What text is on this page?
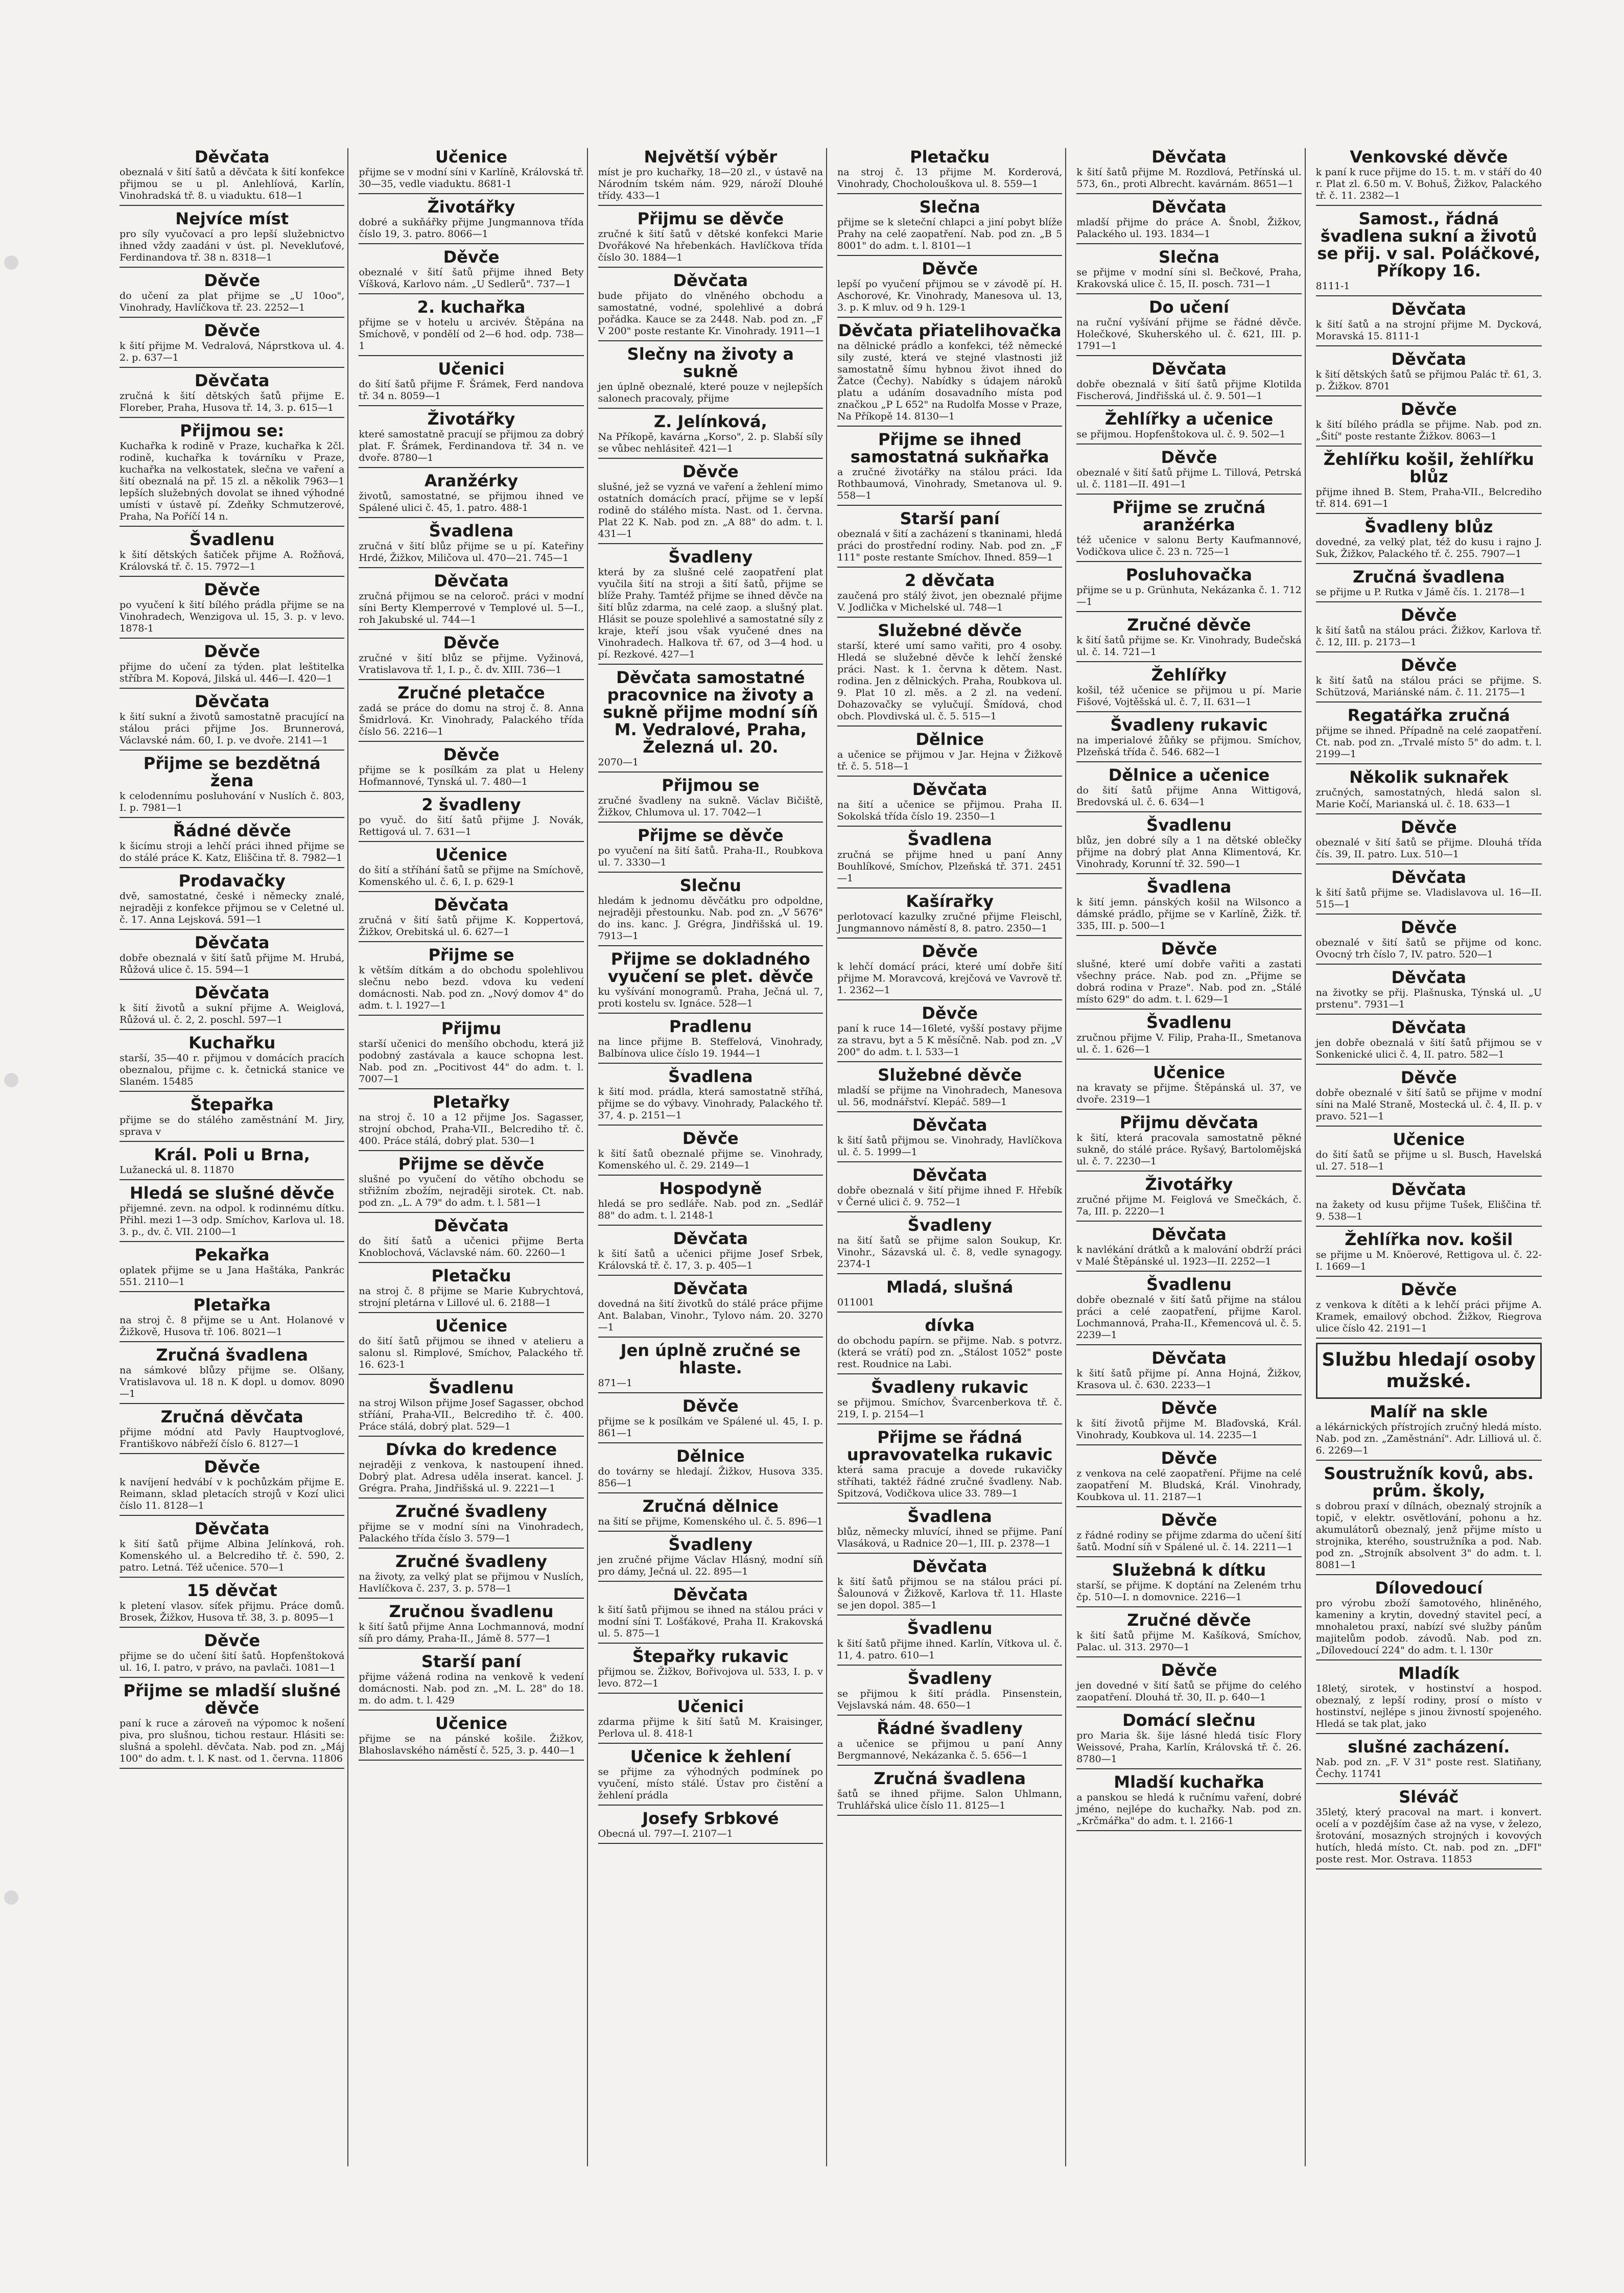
Děvčata
obeznalá v šití šatů a děvčata k šití konfekce přijmou se u pl. Anlehlíová, Karlín, Vinohradská tř. 8. u viaduktu. 618—1
Nejvíce míst
pro síly vyučovací a pro lepší služebnictvo ihned vždy zaadáni v úst. pl. Nevekluťové, Ferdinandova tř. 38 n. 8318—1
Děvče
do učení za plat přijme se „U 10oo", Vinohrady, Havlíčkova tř. 23. 2252—1
Děvče
k šití přijme M. Vedralová, Náprstkova ul. 4. 2. p. 637—1
Děvčata
zručná k šití dětských šatů přijme E. Floreber, Praha, Husova tř. 14, 3. p. 615—1
Přijmou se:
Kuchařka k rodině v Praze, kuchařka k 2čl. rodině, kuchařka k továrníku v Praze, kuchařka na velkostatek, slečna ve vaření a šití obeznalá na př. 15 zl. a několik 7963—1 lepších služebných dovolat se ihned výhodné umísti v ústavě pí. Zdeňky Schmutzerové, Praha, Na Poříčí 14 n.
Švadlenu
k šití dětských šatiček přijme A. Rožňová, Královská tř. č. 15. 7972—1
Děvče
po vyučení k šití bílého prádla přijme se na Vinohradech, Wenzigova ul. 15, 3. p. v levo. 1878-1
Děvče
přijme do učení za týden. plat leštitelka stříbra M. Kopová, Jilská ul. 446—I. 420—1
Děvčata
k šití sukní a životů samostatně pracující na stálou práci přijme Jos. Brunnerová, Václavské nám. 60, I. p. ve dvoře. 2141—1
Přijme se bezdětná žena
k celodennímu posluhování v Nuslích č. 803, I. p. 7981—1
Řádné děvče
k šicímu stroji a lehčí práci ihned přijme se do stálé práce K. Katz, Eliščina tř. 8. 7982—1
Prodavačky
dvě, samostatné, české i německy znalé, nejraději z konfekce přijmou se v Celetné ul. č. 17. Anna Lejsková. 591—1
Děvčata
dobře obeznalá v šití šatů přijme M. Hrubá, Růžová ulice č. 15. 594—1
Děvčata
k šití životů a sukní přijme A. Weiglová, Růžová ul. č. 2, 2. poschl. 597—1
Kuchařku
starší, 35—40 r. přijmou v domácích pracích obeznalou, přijme c. k. četnická stanice ve Slaném. 15485
Štepařka
přijme se do stálého zaměstnání M. Jiry, sprava v
Král. Poli u Brna,
Lužanecká ul. 8. 11870
Hledá se slušné děvče
přijemné. zevn. na odpol. k rodinnému dítku. Přihl. mezi 1—3 odp. Smíchov, Karlova ul. 18. 3. p., dv. č. VII. 2100—1
Pekařka
oplatek přijme se u Jana Haštáka, Pankrác 551. 2110—1
Pletařka
na stroj č. 8 přijme se u Ant. Holanové v Žižkově, Husova tř. 106. 8021—1
Zručná švadlena
na sámkové blůzy přijme se. Olšany, Vratislavova ul. 18 n. K dopl. u domov. 8090—1
Zručná děvčata
přijme módní atd Pavly Hauptvoglové, Františkovo nábřeží číslo 6. 8127—1
Děvče
k navíjení hedvábí v k pochůzkám přijme E. Reimann, sklad pletacích strojů v Kozí ulici číslo 11. 8128—1
Děvčata
k šití šatů přijme Albina Jelínková, roh. Komenského ul. a Belcrediho tř. č. 590, 2. patro. Letná. Též učenice. 570—1
15 děvčat
k pletení vlasov. síťek přijmu. Práce domů. Brosek, Žižkov, Husova tř. 38, 3. p. 8095—1
Děvče
přijme se do učení šití šatů. Hopfenštoková ul. 16, I. patro, v právo, na pavlači. 1081—1
Přijme se mladší slušné děvče
paní k ruce a zároveň na výpomoc k nošení piva, pro slušnou, tichou restaur. Hlásiti se: slušná a spolehl. děvčata. Nab. pod zn. „Máj 100" do adm. t. l. K nast. od 1. června. 11806
Učenice
přijme se v modní síni v Karlíně, Královská tř. 30—35, vedle viaduktu. 8681-1
Životářky
dobré a sukňářky přijme Jungmannova třída číslo 19, 3. patro. 8066—1
Děvče
obeznalé v šití šatů přijme ihned Bety Víšková, Karlovo nám. „U Sedlerů". 737—1
2. kuchařka
přijme se v hotelu u arcivév. Štěpána na Smíchově, v pondělí od 2—6 hod. odp. 738—1
Učenici
do šití šatů přijme F. Šrámek, Ferd nandova tř. 34 n. 8059—1
Životářky
které samostatně pracují se přijmou za dobrý plat. F. Šrámek, Ferdinandova tř. 34 n. ve dvoře. 8780—1
Aranžérky
životů, samostatné, se přijmou ihned ve Spálené ulici č. 45, 1. patro. 488-1
Švadlena
zručná v šití blůz přijme se u pí. Kateřiny Hrdé, Žižkov, Miličova ul. 470—21. 745—1
Děvčata
zručná přijmou se na celoroč. práci v modní síni Berty Klemperrové v Templové ul. 5—I., roh Jakubské ul. 744—1
Děvče
zručné v šití blůz se přijme. Vyžinová, Vratislavova tř. 1, I. p., č. dv. XIII. 736—1
Zručné pletačce
zadá se práce do domu na stroj č. 8. Anna Šmidrlová. Kr. Vinohrady, Palackého třída číslo 56. 2216—1
Děvče
přijme se k posílkám za plat u Heleny Hofmannové, Tynská ul. 7. 480—1
2 švadleny
po vyuč. do šití šatů přijme J. Novák, Rettigová ul. 7. 631—1
Učenice
do šití a stříhání šatů se přijme na Smíchově, Komenského ul. č. 6, I. p. 629-1
Děvčata
zručná v šití šatů přijme K. Koppertová, Žižkov, Orebitská ul. 6. 627—1
Přijme se
k větším dítkám a do obchodu spolehlivou slečnu nebo bezd. vdova ku vedení domácnosti. Nab. pod zn. „Nový domov 4" do adm. t. l. 1927—1
Přijmu
starší učenici do menšího obchodu, která již podobný zastávala a kauce schopna lest. Nab. pod zn. „Pocitivost 44" do adm. t. l. 7007—1
Pletařky
na stroj č. 10 a 12 přijme Jos. Sagasser, strojní obchod, Praha-VII., Belcrediho tř. č. 400. Práce stálá, dobrý plat. 530—1
Přijme se děvče
slušné po vyučení do větího obchodu se střižním zbožím, nejraději sirotek. Ct. nab. pod zn. „L. A 79" do adm. t. l. 581—1
Děvčata
do šití šatů a učenici přijme Berta Knoblochová, Václavské nám. 60. 2260—1
Pletačku
na stroj č. 8 přijme se Marie Kubrychtová, strojní pletárna v Lillové ul. 6. 2188—1
Učenice
do šití šatů přijmou se ihned v atelieru a salonu sl. Rimplové, Smíchov, Palackého tř. 16. 623-1
Švadlenu
na stroj Wilson přijme Josef Sagasser, obchod stříání, Praha-VII., Belcrediho tř. č. 400. Práce stálá, dobrý plat. 529—1
Dívka do kredence
nejraději z venkova, k nastoupení ihned. Dobrý plat. Adresa uděla inserat. kancel. J. Grégra. Praha, Jindřišská ul. 9. 2221—1
Zručné švadleny
přijme se v modní síni na Vinohradech, Palackého třída číslo 3. 579—1
Zručné švadleny
na životy, za velký plat se přijmou v Nuslích, Havlíčkova č. 237, 3. p. 578—1
Zručnou švadlenu
k šití šatů přijme Anna Lochmannová, modní síň pro dámy, Praha-II., Jámě 8. 577—1
Starší paní
přijme vážená rodina na venkově k vedení domácnosti. Nab. pod zn. „M. L. 28" do 18. m. do adm. t. l. 429
Učenice
přijme se na pánské košile. Žižkov, Blahoslavského náměstí č. 525, 3. p. 440—1
Největší výběr
míst je pro kuchařky, 18—20 zl., v ústavě na Národním tském nám. 929, nároží Dlouhé třídy. 433—1
Přijmu se děvče
zručné k šití šatů v dětské konfekci Marie Dvořákové Na hřebenkách. Havlíčkova třída číslo 30. 1884—1
Děvčata
bude přijato do vlněného obchodu a samostatné, vodné, spolehlivé a dobrá pořádka. Kauce se za 2448. Nab. pod zn. „F V 200" poste restante Kr. Vinohrady. 1911—1
Slečny na životy a sukně
jen úplně obeznalé, které pouze v nejlepších salonech pracovaly, přijme
Z. Jelínková,
Na Příkopě, kavárna „Korso", 2. p. Slabší síly se vůbec nehlásiteř. 421—1
Děvče
slušné, jež se vyzná ve vaření a žehlení mimo ostatních domácích prací, přijme se v lepší rodině do stálého místa. Nast. od 1. června. Plat 22 K. Nab. pod zn. „A 88" do adm. t. l. 431—1
Švadleny
která by za slušné celé zaopatření plat vyučila šití na stroji a šití šatů, přijme se blíže Prahy. Tamtéž přijme se ihned děvče na šití blůz zdarma, na celé zaop. a slušný plat. Hlásit se pouze spolehlivé a samostatné síly z kraje, kteří jsou však vyučené dnes na Vinohradech. Halkova tř. 67, od 3—4 hod. u pí. Rezkové. 427—1
Děvčata samostatné pracovnice na životy a sukně přijme modní síň M. Vedralové, Praha, Železná ul. 20.
2070—1
Přijmou se
zručné švadleny na sukně. Václav Bičiště, Žižkov, Chlumova ul. 17. 7042—1
Přijme se děvče
po vyučení na šití šatů. Praha-II., Roubkova ul. 7. 3330—1
Slečnu
hledám k jednomu děvčátku pro odpoldne, nejraději přestounku. Nab. pod zn. „V 5676" do ins. kanc. J. Grégra, Jindřišská ul. 19. 7913—1
Přijme se dokladného vyučení se plet. děvče
ku vyšívání monogramů. Praha, Ječná ul. 7, proti kostelu sv. Ignáce. 528—1
Pradlenu
na lince přijme B. Steffelová, Vinohrady, Balbínova ulice číslo 19. 1944—1
Švadlena
k šití mod. prádla, která samostatně stříhá, přijme se do výbavy. Vinohrady, Palackého tř. 37, 4. p. 2151—1
Děvče
k šití šatů obeznalé přijme se. Vinohrady, Komenského ul. č. 29. 2149—1
Hospodyně
hledá se pro sedláře. Nab. pod zn. „Sedlář 88" do adm. t. l. 2148-1
Děvčata
k šití šatů a učenici přijme Josef Srbek, Královská tř. č. 17, 3. p. 405—1
Děvčata
dovedná na šití životků do stálé práce přijme Ant. Balaban, Vinohr., Tylovo nám. 20. 3270—1
Jen úplně zručné se hlaste.
871—1
Děvče
přijme se k posílkám ve Spálené ul. 45, I. p. 861—1
Dělnice
do továrny se hledají. Žižkov, Husova 335. 856—1
Zručná dělnice
na šití se přijme, Komenského ul. č. 5. 896—1
Švadleny
jen zručné přijme Václav Hlásný, modní síň pro dámy, Ječná ul. 22. 895—1
Děvčata
k šití šatů přijmou se ihned na stálou práci v modní síni T. Lošťákové, Praha II. Krakovská ul. 5. 875—1
Štepařky rukavic
přijmou se. Žižkov, Bořivojova ul. 533, I. p. v levo. 872—1
Učenici
zdarma přijme k šití šatů M. Kraisinger, Perlova ul. 8. 418-1
Učenice k žehlení
se přijme za výhodných podmínek po vyučení, místo stálé. Ústav pro čistění a žehlení prádla
Josefy Srbkové
Obecná ul. 797—I. 2107—1
Pletačku
na stroj č. 13 přijme M. Korderová, Vinohrady, Chocholouškova ul. 8. 559—1
Slečna
přijme se k sleteční chlapci a jiní pobyt blíže Prahy na celé zaopatření. Nab. pod zn. „B 5 8001" do adm. t. l. 8101—1
Děvče
lepší po vyučení přijmou se v závodě pí. H. Aschorové, Kr. Vinohrady, Manesova ul. 13, 3. p. K mluv. od 9 h. 129-1
Děvčata přiatelihovačka
na dělnické prádlo a konfekci, též německé sily zusté, která ve stejné vlastnosti již samostatně šímu hybnou život ihned do Žatce (Čechy). Nabídky s údajem nároků platu a udáním dosavadního místa pod značkou „P L 652" na Rudolfa Mosse v Praze, Na Příkopě 14. 8130—1
Přijme se ihned samostatná sukňařka
a zručné životářky na stálou práci. Ida Rothbaumová, Vinohrady, Smetanova ul. 9. 558—1
Starší paní
obeznalá v šití a zacházení s tkaninami, hledá práci do prostřední rodiny. Nab. pod zn. „F 111" poste restante Smíchov. Ihned. 859—1
2 děvčata
zaučená pro stálý život, jen obeznalé přijme V. Jodlička v Michelské ul. 748—1
Služebné děvče
starší, které umí samo vařiti, pro 4 osoby. Hledá se služebné děvče k lehčí ženské práci. Nast. k 1. června k dětem. Nast. rodina. Jen z dělnických. Praha, Roubkova ul. 9. Plat 10 zl. měs. a 2 zl. na vedení. Dohazovačky se vylučují. Šmídová, chod obch. Plovdivská ul. č. 5. 515—1
Dělnice
a učenice se přijmou v Jar. Hejna v Žižkově tř. č. 5. 518—1
Děvčata
na šití a učenice se přijmou. Praha II. Sokolská třída číslo 19. 2350—1
Švadlena
zručná se přijme hned u paní Anny Bouhlíkové, Smíchov, Plzeňská tř. 371. 2451—1
Kašírařky
perlotovací kazulky zručné přijme Fleischl, Jungmannovo náměstí 8, 8. patro. 2350—1
Děvče
k lehčí domácí práci, které umí dobře šití přijme M. Moravcová, krejčová ve Vavrově tř. 1. 2362—1
Děvče
paní k ruce 14—16leté, vyšší postavy přijme za stravu, byt a 5 K měsíčně. Nab. pod zn. „V 200" do adm. t. l. 533—1
Služebné děvče
mladší se přijme na Vinohradech, Manesova ul. 56, modnářství. Klepáč. 589—1
Děvčata
k šití šatů přijmou se. Vinohrady, Havlíčkova ul. č. 5. 1999—1
Děvčata
dobře obeznalá v šití přijme ihned F. Hřebík v Černé ulici č. 9. 752—1
Švadleny
na šití šatů se přijme salon Soukup, Kr. Vinohr., Sázavská ul. č. 8, vedle synagogy. 2374-1
Mladá, slušná
011001
dívka
do obchodu papírn. se přijme. Nab. s potvrz. (která se vrátí) pod zn. „Stálost 1052" poste rest. Roudnice na Labi.
Švadleny rukavic
se přijmou. Smíchov, Švarcenberkova tř. č. 219, I. p. 2154—1
Přijme se řádná upravovatelka rukavic
která sama pracuje a dovede rukavičky stříhati, taktéž řádné zručné švadleny. Nab. Spitzová, Vodičkova ulice 33. 789—1
Švadlena
blůz, německy mluvící, ihned se přijme. Paní Vlasáková, u Radnice 20—1, III. p. 2378—1
Děvčata
k šití šatů přijmou se na stálou práci pí. Šalounová v Žižkově, Karlova tř. 11. Hlaste se jen dopol. 385—1
Švadlenu
k šití šatů přijme ihned. Karlín, Vítkova ul. č. 11, 4. patro. 610—1
Švadleny
se přijmou k šití prádla. Pinsenstein, Vejslavská nám. 48. 650—1
Řádné švadleny
a učenice se přijmou u paní Anny Bergmannové, Nekázanka č. 5. 656—1
Zručná švadlena
šatů se ihned přijme. Salon Uhlmann, Truhlářská ulice číslo 11. 8125—1
Děvčata
k šití šatů přijme M. Rozdlová, Petřínská ul. 573, 6n., proti Albrecht. kavárnám. 8651—1
Děvčata
mladší přijme do práce A. Šnobl, Žižkov, Palackého ul. 193. 1834—1
Slečna
se přijme v modní síni sl. Bečkové, Praha, Krakovská ulice č. 15, II. posch. 731—1
Do učení
na ruční vyšívání přijme se řádné děvče. Holečkové, Skuherského ul. č. 621, III. p. 1791—1
Děvčata
dobře obeznalá v šití šatů přijme Klotilda Fischerová, Jindřišská ul. č. 9. 501—1
Žehlířky a učenice
se přijmou. Hopfenštokova ul. č. 9. 502—1
Děvče
obeznalé v šití šatů přijme L. Tillová, Petrská ul. č. 1181—II. 491—1
Přijme se zručná aranžérka
též učenice v salonu Berty Kaufmannové, Vodičkova ulice č. 23 n. 725—1
Posluhovačka
přijme se u p. Grünhuta, Nekázanka č. 1. 712—1
Zručné děvče
k šití šatů přijme se. Kr. Vinohrady, Budečská ul. č. 14. 721—1
Žehlířky
košil, též učenice se přijmou u pí. Marie Fišové, Vojtěšská ul. č. 7, II. 631—1
Švadleny rukavic
na imperialové žůňky se přijmou. Smíchov, Plzeňská třída č. 546. 682—1
Dělnice a učenice
do šití šatů přijme Anna Wittigová, Bredovská ul. č. 6. 634—1
Švadlenu
blůz, jen dobré síly a 1 na dětské oblečky přijme na dobrý plat Anna Klimentová, Kr. Vinohrady, Korunní tř. 32. 590—1
Švadlena
k šití jemn. pánských košil na Wilsonco a dámské prádlo, přijme se v Karlíně, Žižk. tř. 335, III. p. 500—1
Děvče
slušné, které umí dobře vařiti a zastati všechny práce. Nab. pod zn. „Přijme se dobrá rodina v Praze". Nab. pod zn. „Stálé místo 629" do adm. t. l. 629—1
Švadlenu
zručnou přijme V. Filip, Praha-II., Smetanova ul. č. 1. 626—1
Učenice
na kravaty se přijme. Štěpánská ul. 37, ve dvoře. 2319—1
Přijmu děvčata
k šití, která pracovala samostatně pěkné sukně, do stálé práce. Ryšavý, Bartolomějská ul. č. 7. 2230—1
Životářky
zručné přijme M. Feiglová ve Smečkách, č. 7a, III. p. 2220—1
Děvčata
k navlékání drátků a k malování obdrží práci v Malé Štěpánské ul. 1923—II. 2252—1
Švadlenu
dobře obeznalé v šití šatů přijme na stálou práci a celé zaopatření, přijme Karol. Lochmannová, Praha-II., Křemencová ul. č. 5. 2239—1
Děvčata
k šití šatů přijme pí. Anna Hojná, Žižkov, Krasova ul. č. 630. 2233—1
Děvče
k šití životů přijme M. Blaďovská, Král. Vinohrady, Koubkova ul. 14. 2235—1
Děvče
z venkova na celé zaopatření. Přijme na celé zaopatření M. Bludská, Král. Vinohrady, Koubkova ul. 11. 2187—1
Děvče
z řádné rodiny se přijme zdarma do učení šití šatů. Modní síň v Spálené ul. č. 14. 2211—1
Služebná k dítku
starší, se přijme. K doptání na Zeleném trhu čp. 510—I. n domovnice. 2216—1
Zručné děvče
k šití šatů přijme M. Kašíková, Smíchov, Palac. ul. 313. 2970—1
Děvče
jen dovedné v šití šatů se přijme do celého zaopatření. Dlouhá tř. 30, II. p. 640—1
Domácí slečnu
pro Maria šk. šije lásné hledá tisíc Flory Weissové, Praha, Karlín, Královská tř. č. 26. 8780—1
Mladší kuchařka
a panskou se hledá k ručnímu vaření, dobré jméno, nejlépe do kuchařky. Nab. pod zn. „Krčmářka" do adm. t. l. 2166-1
Venkovské děvče
k paní k ruce přijme do 15. t. m. v stáří do 40 r. Plat zl. 6.50 m. V. Bohuš, Žižkov, Palackého tř. č. 11. 2382—1
Samost., řádná švadlena sukní a životů se přij. v sal. Poláčkové, Příkopy 16.
8111-1
Děvčata
k šití šatů a na strojní přijme M. Dycková, Moravská 15. 8111-1
Děvčata
k šití dětských šatů se přijmou Palác tř. 61, 3. p. Žižkov. 8701
Děvče
k šití bílého prádla se přijme. Nab. pod zn. „Šití" poste restante Žižkov. 8063—1
Žehlířku košil, žehlířku blůz
přijme ihned B. Stem, Praha-VII., Belcrediho tř. 814. 691—1
Švadleny blůz
dovedné, za velký plat, též do kusu i rajno J. Suk, Žižkov, Palackého tř. č. 255. 7907—1
Zručná švadlena
se přijme u P. Rutka v Jámě čís. 1. 2178—1
Děvče
k šití šatů na stálou práci. Žižkov, Karlova tř. č. 12, III. p. 2173—1
Děvče
k šití šatů na stálou práci se přijme. S. Schützová, Mariánské nám. č. 11. 2175—1
Regatářka zručná
přijme se ihned. Případně na celé zaopatření. Ct. nab. pod zn. „Trvalé místo 5" do adm. t. l. 2199—1
Několik suknařek
zručných, samostatných, hledá salon sl. Marie Kočí, Marianská ul. č. 18. 633—1
Děvče
obeznalé v šití šatů se přijme. Dlouhá třída čís. 39, II. patro. Lux. 510—1
Děvčata
k šití šatů přijme se. Vladislavova ul. 16—II. 515—1
Děvče
obeznalé v šití šatů se přijme od konc. Ovocný trh číslo 7, IV. patro. 520—1
Děvčata
na životky se přij. Plašnuska, Týnská ul. „U prstenu". 7931—1
Děvčata
jen dobře obeznalá v šití šatů přijmou se v Sonkenické ulici č. 4, II. patro. 582—1
Děvče
dobře obeznalé v šití šatů se přijme v modní síni na Malé Straně, Mostecká ul. č. 4, II. p. v pravo. 521—1
Učenice
do šití šatů se přijme u sl. Busch, Havelská ul. 27. 518—1
Děvčata
na žakety od kusu přijme Tušek, Eliščina tř. 9. 538—1
Žehlířka nov. košil
se přijme u M. Knöerové, Rettigova ul. č. 22-I. 1669—1
Děvče
z venkova k dítěti a k lehčí práci přijme A. Kramek, emailový obchod. Žižkov, Riegrova ulice číslo 42. 2191—1
Službu hledají osoby mužské.
Malíř na skle
a lékárnických přístrojích zručný hledá místo. Nab. pod zn. „Zaměstnání". Adr. Lilliová ul. č. 6. 2269—1
Soustružník kovů, abs. prům. školy,
s dobrou praxí v dílnách, obeznalý strojník a topič, v elektr. osvětlování, pohonu a hz. akumulátorů obeznalý, jenž přijme místo u strojnika, kterého, soustružníka a pod. Nab. pod zn. „Strojník absolvent 3" do adm. t. l. 8081—1
Dílovedoucí
pro výrobu zboží šamotového, hliněného, kameniny a krytin, dovedný stavitel pecí, a mnohaletou praxí, nabízí své služby pánům majitelům podob. závodů. Nab. pod zn. „Dílovedoucí 224" do adm. t. l. 130r
Mladík
18letý, sirotek, v hostinství a hospod. obeznalý, z lepší rodiny, prosí o místo v hostinství, nejlépe s jinou živností spojeného. Hledá se tak plat, jako
slušné zacházení.
Nab. pod zn. „F. V 31" poste rest. Slatiňany, Čechy. 11741
Sléváč
35letý, který pracoval na mart. i konvert. ocelí a v pozdějším čase až na vyse, v železo, šrotování, mosazných strojných i kovových hutích, hledá místo. Ct. nab. pod zn. „DFI" poste rest. Mor. Ostrava. 11853
